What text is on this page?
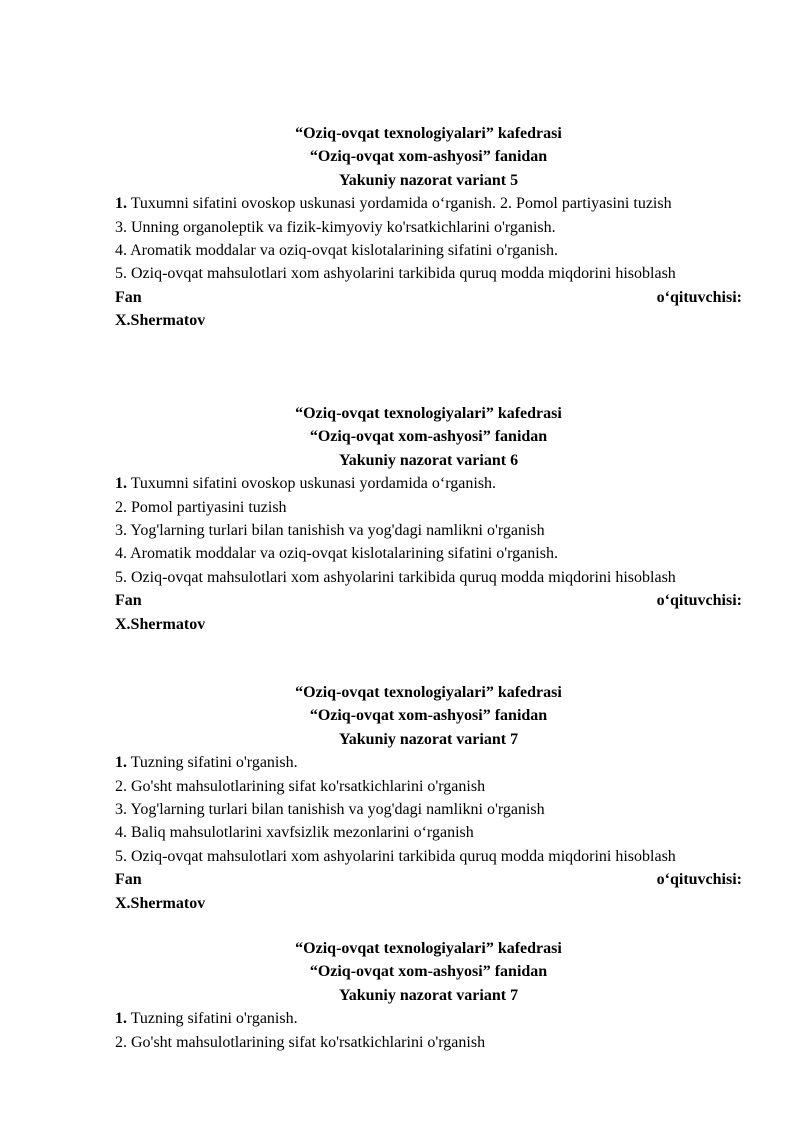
“Oziq-ovqat texnologiyalari” kafedrasi
“Oziq-ovqat xom-ashyosi” fanidan
Yakuniy nazorat variant 5
1. Tuxumni sifatini ovoskop uskunasi yordamida o‘rganish. 2. Pomol partiyasini tuzish
3. Unning organoleptik va fizik-kimyoviy ko'rsatkichlarini o'rganish.
4. Aromatik moddalar va oziq-ovqat kislotalarining sifatini o'rganish.
5. Oziq-ovqat mahsulotlari xom ashyolarini tarkibida quruq modda miqdorini hisoblash
Fan	o‘qituvchisi:
X.Shermatov
“Oziq-ovqat texnologiyalari” kafedrasi
“Oziq-ovqat xom-ashyosi” fanidan
Yakuniy nazorat variant 6
1. Tuxumni sifatini ovoskop uskunasi yordamida o‘rganish.
2. Pomol partiyasini tuzish
3. Yog'larning turlari bilan tanishish va yog'dagi namlikni o'rganish
4. Aromatik moddalar va oziq-ovqat kislotalarining sifatini o'rganish.
5. Oziq-ovqat mahsulotlari xom ashyolarini tarkibida quruq modda miqdorini hisoblash
Fan	o‘qituvchisi:
X.Shermatov
“Oziq-ovqat texnologiyalari” kafedrasi
“Oziq-ovqat xom-ashyosi” fanidan
Yakuniy nazorat variant 7
1. Tuzning sifatini o'rganish.
2. Go'sht mahsulotlarining sifat ko'rsatkichlarini o'rganish
3. Yog'larning turlari bilan tanishish va yog'dagi namlikni o'rganish
4. Baliq mahsulotlarini xavfsizlik mezonlarini o‘rganish
5. Oziq-ovqat mahsulotlari xom ashyolarini tarkibida quruq modda miqdorini hisoblash
Fan	o‘qituvchisi:
X.Shermatov
“Oziq-ovqat texnologiyalari” kafedrasi
“Oziq-ovqat xom-ashyosi” fanidan
Yakuniy nazorat variant 7
1. Tuzning sifatini o'rganish.
2. Go'sht mahsulotlarining sifat ko'rsatkichlarini o'rganish
